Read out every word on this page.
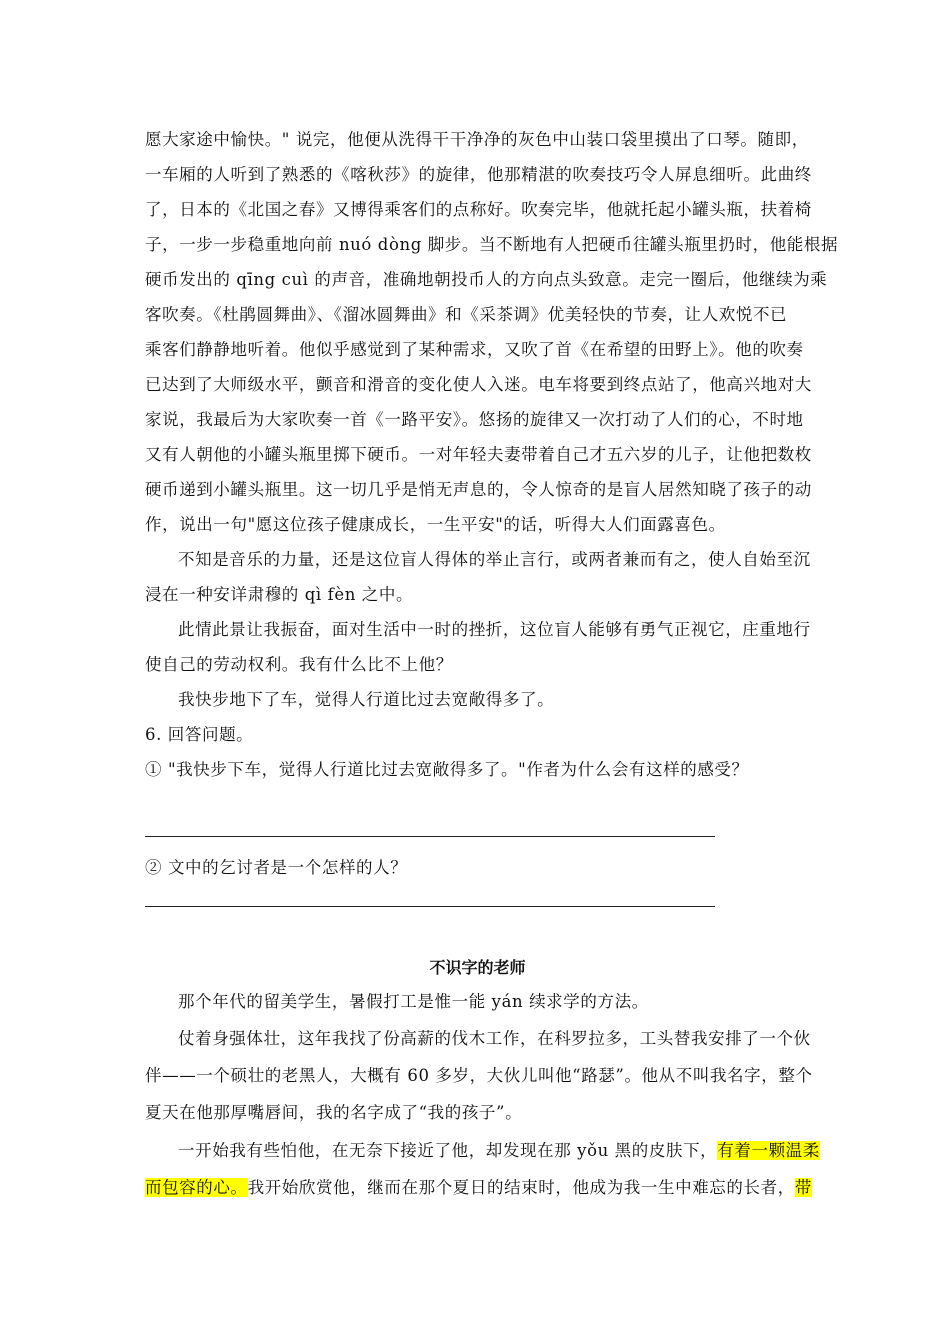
愿大家途中愉快。" 说完，他便从洗得干干净净的灰色中山装口袋里摸出了口琴。随即，
一车厢的人听到了熟悉的《喀秋莎》的旋律，他那精湛的吹奏技巧令人屏息细听。此曲终
了，日本的《北国之春》又博得乘客们的点称好。吹奏完毕，他就托起小罐头瓶，扶着椅
子，一步一步稳重地向前 nuó dòng 脚步。当不断地有人把硬币往罐头瓶里扔时，他能根据
硬币发出的 qīng cuì 的声音，准确地朝投币人的方向点头致意。走完一圈后，他继续为乘
客吹奏。《杜鹃圆舞曲》、《溜冰圆舞曲》和《采茶调》优美轻快的节奏，让人欢悦不已
乘客们静静地听着。他似乎感觉到了某种需求，又吹了首《在希望的田野上》。他的吹奏
已达到了大师级水平，颤音和滑音的变化使人入迷。电车将要到终点站了，他高兴地对大
家说，我最后为大家吹奏一首《一路平安》。悠扬的旋律又一次打动了人们的心，不时地
又有人朝他的小罐头瓶里掷下硬币。一对年轻夫妻带着自己才五六岁的儿子，让他把数枚
硬币递到小罐头瓶里。这一切几乎是悄无声息的，令人惊奇的是盲人居然知晓了孩子的动
作，说出一句"愿这位孩子健康成长，一生平安"的话，听得大人们面露喜色。
不知是音乐的力量，还是这位盲人得体的举止言行，或两者兼而有之，使人自始至沉
浸在一种安详肃穆的 qì fèn 之中。
此情此景让我振奋，面对生活中一时的挫折，这位盲人能够有勇气正视它，庄重地行
使自己的劳动权利。我有什么比不上他？
我快步地下了车，觉得人行道比过去宽敞得多了。
6. 回答问题。
① "我快步下车，觉得人行道比过去宽敞得多了。"作者为什么会有这样的感受？
② 文中的乞讨者是一个怎样的人？
不识字的老师
那个年代的留美学生，暑假打工是惟一能 yán 续求学的方法。
仗着身强体壮，这年我找了份高薪的伐木工作，在科罗拉多，工头替我安排了一个伙
伴——一个硕壮的老黑人，大概有 60 多岁，大伙儿叫他“路瑟”。他从不叫我名字，整个
夏天在他那厚嘴唇间，我的名字成了“我的孩子”。
一开始我有些怕他，在无奈下接近了他，却发现在那 yǒu 黑的皮肤下，有着一颗温柔
而包容的心。我开始欣赏他，继而在那个夏日的结束时，他成为我一生中难忘的长者，带
